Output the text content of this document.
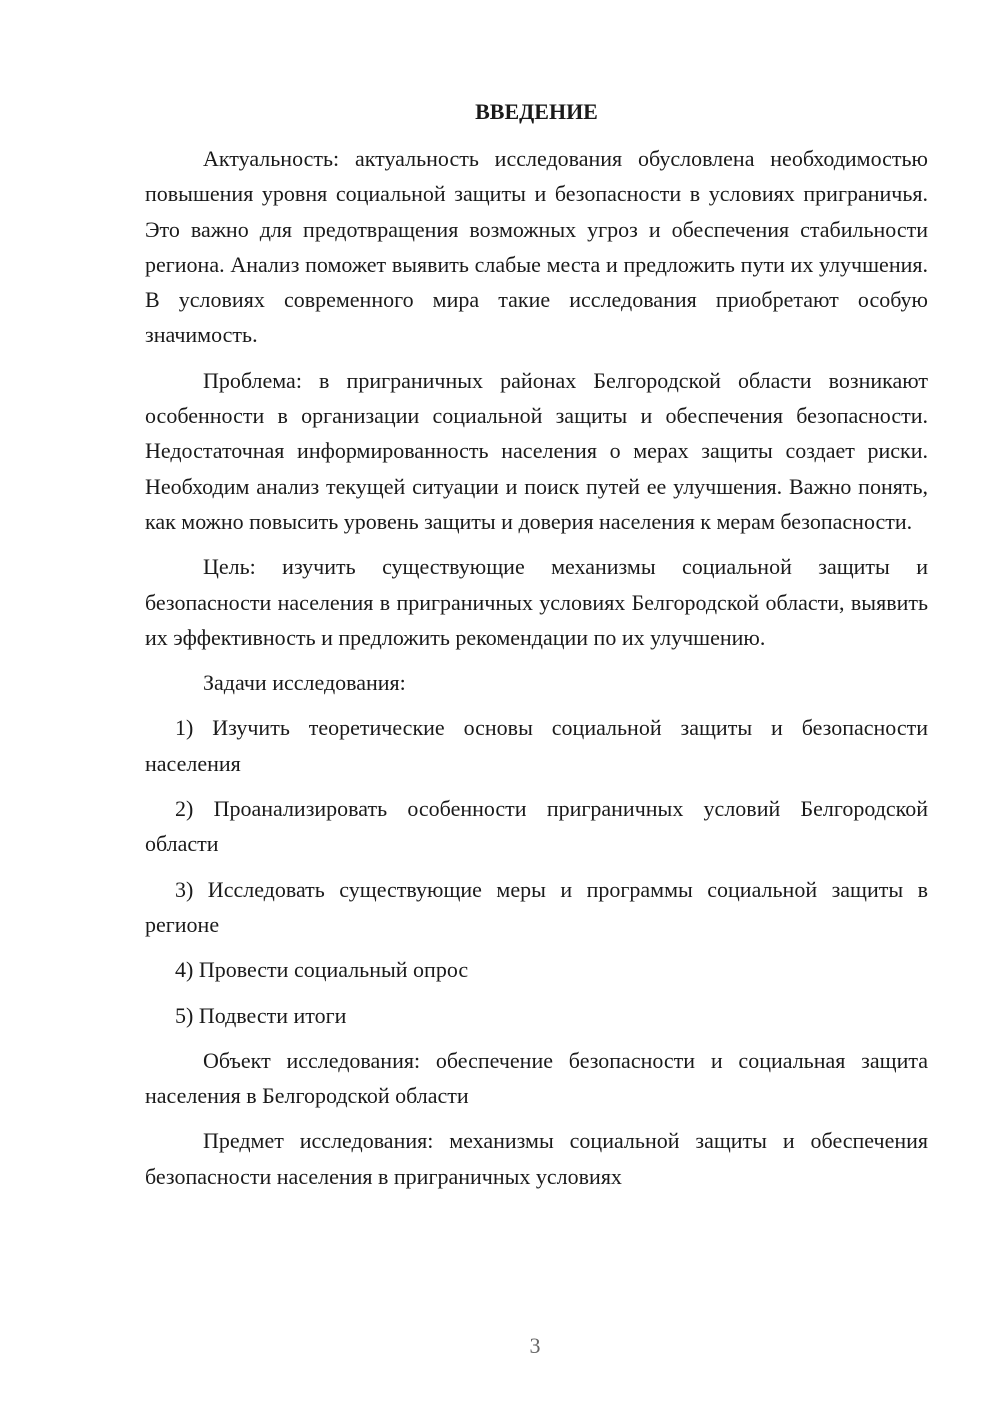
ВВЕДЕНИЕ

Актуальность: актуальность исследования обусловлена необходимостью повышения уровня социальной защиты и безопасности в условиях приграничья. Это важно для предотвращения возможных угроз и обеспечения стабильности региона. Анализ поможет выявить слабые места и предложить пути их улучшения. В условиях современного мира такие исследования приобретают особую значимость.

Проблема: в приграничных районах Белгородской области возникают особенности в организации социальной защиты и обеспечения безопасности. Недостаточная информированность населения о мерах защиты создает риски. Необходим анализ текущей ситуации и поиск путей ее улучшения. Важно понять, как можно повысить уровень защиты и доверия населения к мерам безопасности.

Цель: изучить существующие механизмы социальной защиты и безопасности населения в приграничных условиях Белгородской области, выявить их эффективность и предложить рекомендации по их улучшению.

Задачи исследования:

1) Изучить теоретические основы социальной защиты и безопасности населения

2) Проанализировать особенности приграничных условий Белгородской области

3) Исследовать существующие меры и программы социальной защиты в регионе

4) Провести социальный опрос

5) Подвести итоги

Объект исследования: обеспечение безопасности и социальная защита населения в Белгородской области

Предмет исследования: механизмы социальной защиты и обеспечения безопасности населения в приграничных условиях

3
